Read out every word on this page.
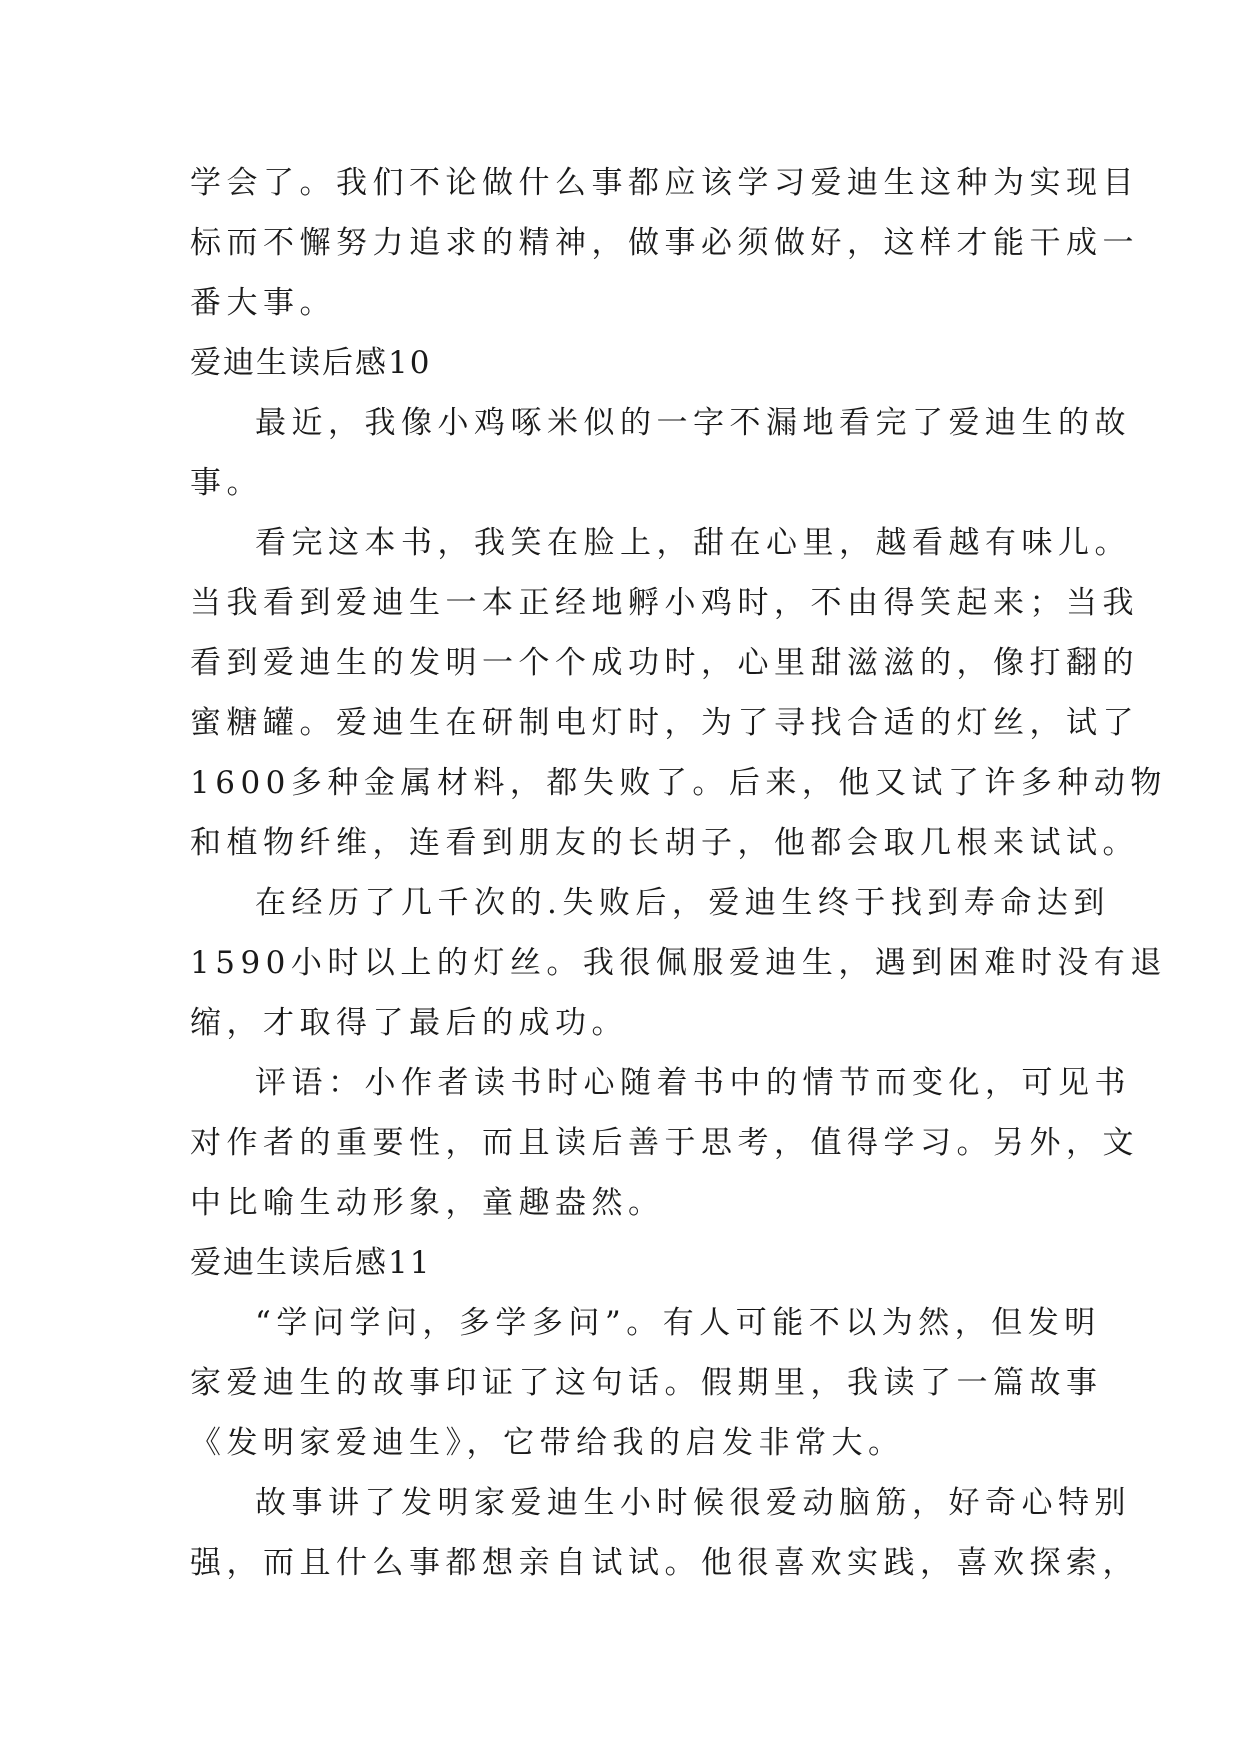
学会了。我们不论做什么事都应该学习爱迪生这种为实现目
标而不懈努力追求的精神，做事必须做好，这样才能干成一
番大事。
爱迪生读后感10
最近，我像小鸡啄米似的一字不漏地看完了爱迪生的故
事。
看完这本书，我笑在脸上，甜在心里，越看越有味儿。
当我看到爱迪生一本正经地孵小鸡时，不由得笑起来；当我
看到爱迪生的发明一个个成功时，心里甜滋滋的，像打翻的
蜜糖罐。爱迪生在研制电灯时，为了寻找合适的灯丝，试了
1600多种金属材料，都失败了。后来，他又试了许多种动物
和植物纤维，连看到朋友的长胡子，他都会取几根来试试。
在经历了几千次的.失败后，爱迪生终于找到寿命达到
1590小时以上的灯丝。我很佩服爱迪生，遇到困难时没有退
缩，才取得了最后的成功。
评语：小作者读书时心随着书中的情节而变化，可见书
对作者的重要性，而且读后善于思考，值得学习。另外，文
中比喻生动形象，童趣盎然。
爱迪生读后感11
“学问学问，多学多问”。有人可能不以为然，但发明
家爱迪生的故事印证了这句话。假期里，我读了一篇故事
《发明家爱迪生》，它带给我的启发非常大。
故事讲了发明家爱迪生小时候很爱动脑筋，好奇心特别
强，而且什么事都想亲自试试。他很喜欢实践，喜欢探索，
